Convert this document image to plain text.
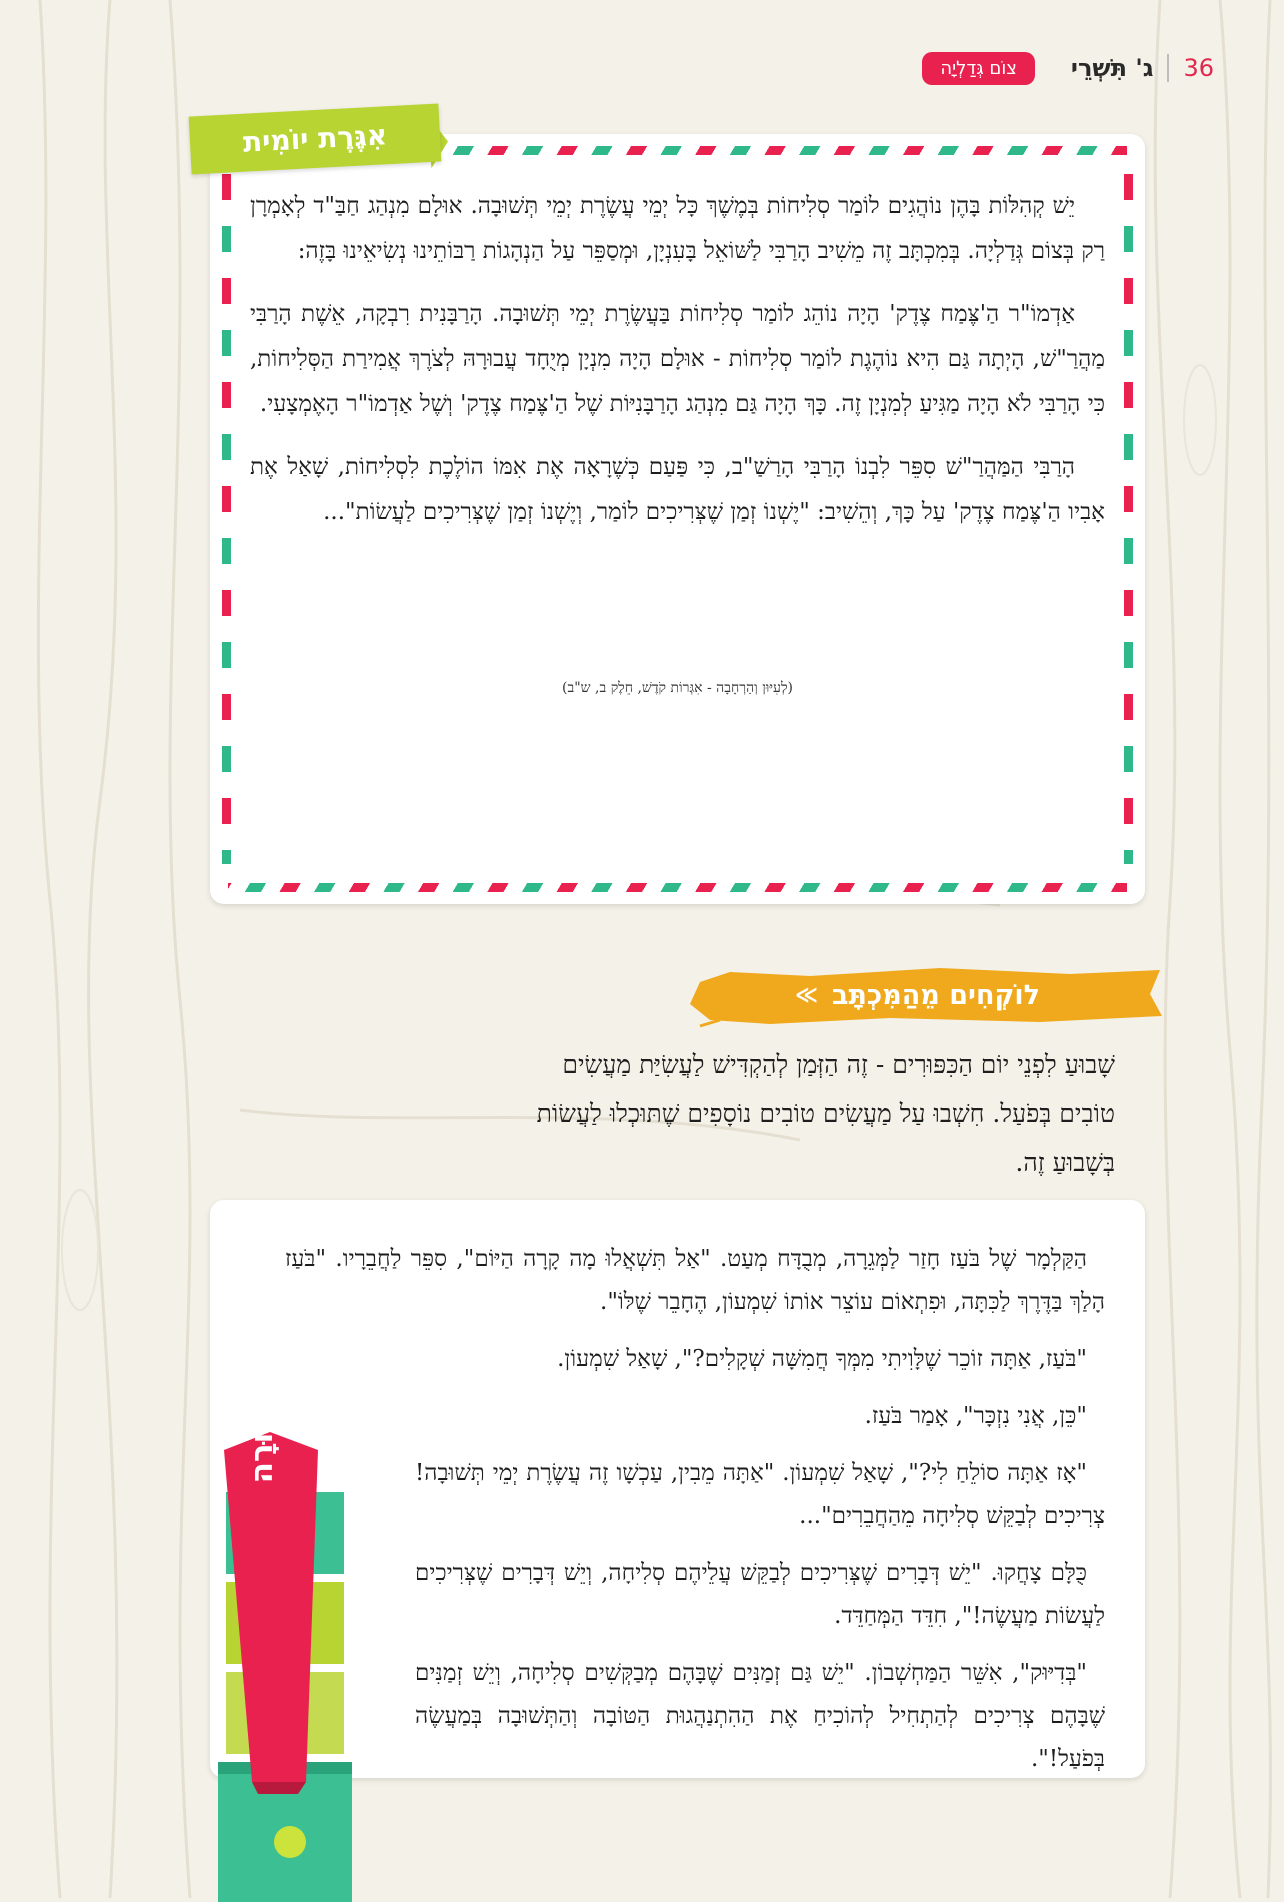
36
ג' תִּשְׁרֵי
צוֹם גְּדַלְיָה

יֵשׁ קְהִלּוֹת בָּהֶן נוֹהֲגִים לוֹמַר סְלִיחוֹת בְּמֶשֶׁךְ כָּל יְמֵי עֲשֶׂרֶת יְמֵי תְּשׁוּבָה. אוּלָם מִנְהַג חַבַּ"ד לְאָמְרָן רַק בְּצוֹם גְּדַלְיָה. בְּמִכְתָּב זֶה מֵשִׁיב הָרַבִּי לַשּׁוֹאֵל בָּעִנְיָן, וּמְסַפֵּר עַל הַנְהָגוֹת רַבּוֹתֵינוּ נְשִׂיאֵינוּ בָּזֶה:

אַדְמוֹ"ר הַ'צֶּמַח צֶדֶק' הָיָה נוֹהֵג לוֹמַר סְלִיחוֹת בַּעֲשֶׂרֶת יְמֵי תְּשׁוּבָה. הָרַבָּנִית רִבְקָה, אֵשֶׁת הָרַבִּי מַהֲרַ"שׁ, הָיְתָה גַּם הִיא נוֹהֶגֶת לוֹמַר סְלִיחוֹת - אוּלָם הָיָה מִנְיָן מְיֻחָד עֲבוּרָהּ לְצֹרֶךְ אֲמִירַת הַסְּלִיחוֹת, כִּי הָרַבִּי לֹא הָיָה מַגִּיעַ לְמִנְיָן זֶה. כָּךְ הָיָה גַּם מִנְהַג הָרַבָּנִיּוֹת שֶׁל הַ'צֶּמַח צֶדֶק' וְשֶׁל אַדְמוֹ"ר הָאֶמְצָעִי.

הָרַבִּי הַמַּהֲרַ"שׁ סִפֵּר לִבְנוֹ הָרַבִּי הָרַשַׁ"ב, כִּי פַּעַם כְּשֶׁרָאָה אֶת אִמּוֹ הוֹלֶכֶת לִסְלִיחוֹת, שָׁאַל אֶת אָבִיו הַ'צֶּמַח צֶדֶק' עַל כָּךְ, וְהֵשִׁיב: "יֶשְׁנוֹ זְמַן שֶׁצְּרִיכִים לוֹמַר, וְיֶשְׁנוֹ זְמַן שֶׁצְּרִיכִים לַעֲשׂוֹת"...

(לְעִיּוּן וְהַרְחָבָה - אִגְּרוֹת קֹדֶשׁ, חֵלֶק ב, ש"ב)
אִגֶּרֶת יוֹמִית
לוֹקְחִים מֵהַמִּכְתָּב
≫
שָׁבוּעַ לִפְנֵי יוֹם הַכִּפּוּרִים - זֶה הַזְּמַן לְהַקְדִּישׁ לַעֲשִׂיַּת מַעֲשִׂים טוֹבִים בְּפֹעַל. חִשְׁבוּ עַל מַעֲשִׂים טוֹבִים נוֹסָפִים שֶׁתּוּכְלוּ לַעֲשׂוֹת בְּשָׁבוּעַ זֶה.

הַקַּלְמָר שֶׁל בֹּעַז חָזַר לַמְּגֵרָה, מְבֻדָּח מְעַט. "אַל תִּשְׁאֲלוּ מָה קָרָה הַיּוֹם", סִפֵּר לַחֲבֵרָיו. "בֹּעַז הָלַךְ בַּדֶּרֶךְ לַכִּתָּה, וּפִתְאוֹם עוֹצֵר אוֹתוֹ שִׁמְעוֹן, הֶחָבֵר שֶׁלּוֹ".

"בֹּעַז, אַתָּה זוֹכֵר שֶׁלָּוִיתִי מִמְּךָ חֲמִשָּׁה שְׁקָלִים?", שָׁאַל שִׁמְעוֹן.

"כֵּן, אֲנִי נִזְכָּר", אָמַר בֹּעַז.

"אָז אַתָּה סוֹלֵחַ לִי?", שָׁאַל שִׁמְעוֹן. "אַתָּה מֵבִין, עַכְשָׁו זֶה עֲשֶׂרֶת יְמֵי תְּשׁוּבָה! צְרִיכִים לְבַקֵּשׁ סְלִיחָה מֵהַחֲבֵרִים"...

כֻּלָּם צָחֲקוּ. "יֵשׁ דְּבָרִים שֶׁצְּרִיכִים לְבַקֵּשׁ עֲלֵיהֶם סְלִיחָה, וְיֵשׁ דְּבָרִים שֶׁצְּרִיכִים לַעֲשׂוֹת מַעֲשֶׂה!", חִדֵּד הַמְּחַדֵּד.

"בְּדִיּוּק", אִשֵּׁר הַמַּחְשְׁבוֹן. "יֵשׁ גַּם זְמַנִּים שֶׁבָּהֶם מְבַקְּשִׁים סְלִיחָה, וְיֵשׁ זְמַנִּים שֶׁבָּהֶם צְרִיכִים לְהַתְחִיל לְהוֹכִיחַ אֶת הַהִתְנַהֲגוּת הַטּוֹבָה וְהַתְּשׁוּבָה בְּמַעֲשֶׂה בְּפֹעַל!".

אֶצְלֵנוּ בַּחֲבוּרָה
